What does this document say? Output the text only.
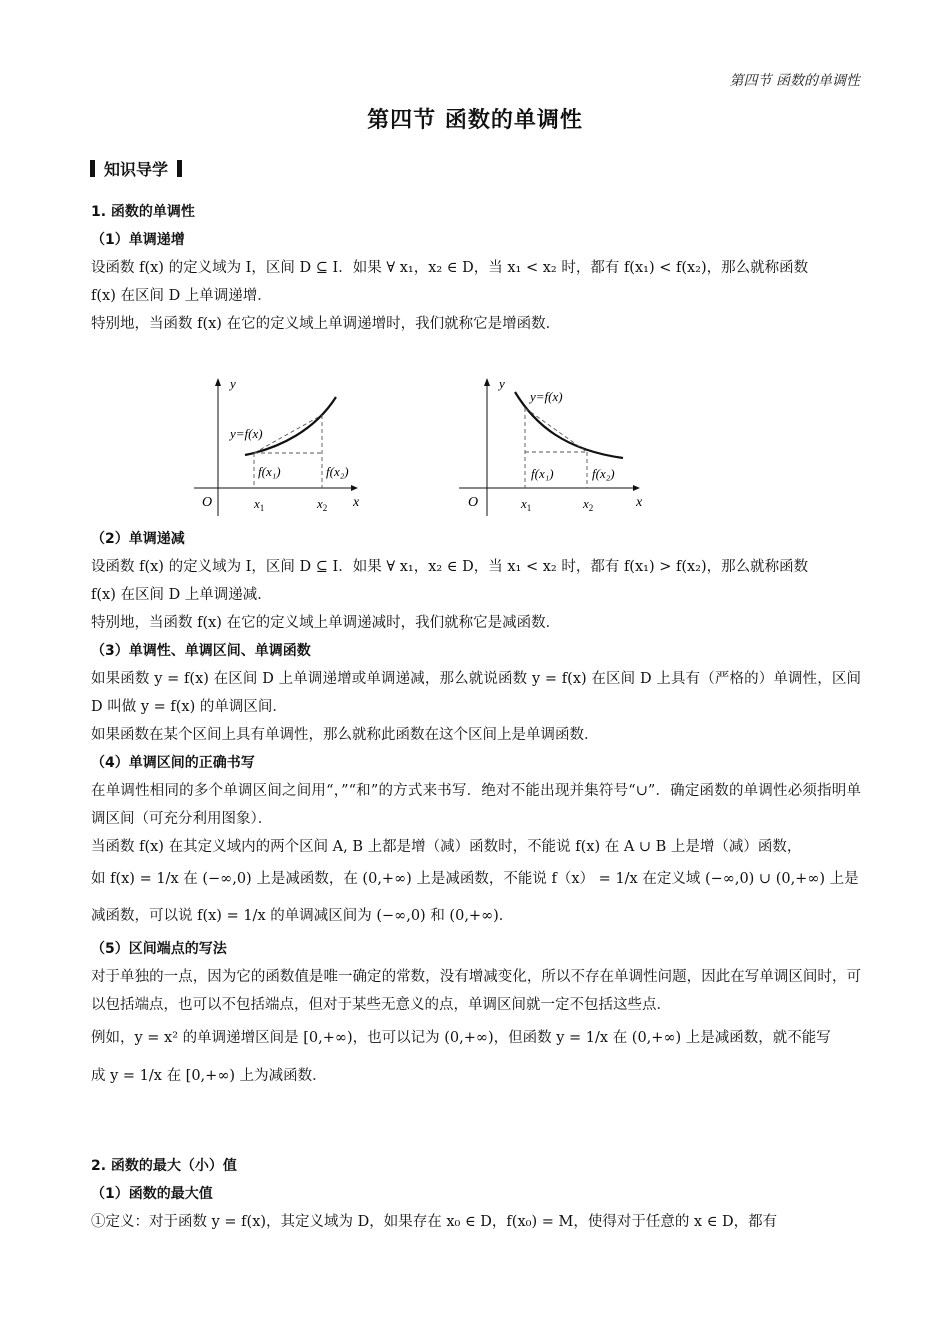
第四节 函数的单调性
第四节 函数的单调性
知识导学
1. 函数的单调性
（1）单调递增
设函数 f(x) 的定义域为 I，区间 D ⊆ I．如果 ∀ x₁，x₂ ∈ D，当 x₁ < x₂ 时，都有 f(x₁) < f(x₂)，那么就称函数
f(x) 在区间 D 上单调递增．
特别地，当函数 f(x) 在它的定义域上单调递增时，我们就称它是增函数．
y
O	x
$x_1$	$x_2$
y=f(x)
f(x₁)	f(x₂)
y
O	x
$x_1$	$x_2$
y=f(x)
f(x₁)	f(x₂)
（2）单调递减
设函数 f(x) 的定义域为 I，区间 D ⊆ I．如果 ∀ x₁，x₂ ∈ D，当 x₁ < x₂ 时，都有 f(x₁) > f(x₂)，那么就称函数
f(x) 在区间 D 上单调递减．
特别地，当函数 f(x) 在它的定义域上单调递减时，我们就称它是减函数．
（3）单调性、单调区间、单调函数
如果函数 y = f(x) 在区间 D 上单调递增或单调递减，那么就说函数 y = f(x) 在区间 D 上具有（严格的）单调性，区间 D 叫做 y = f(x) 的单调区间．
如果函数在某个区间上具有单调性，那么就称此函数在这个区间上是单调函数．
（4）单调区间的正确书写
在单调性相同的多个单调区间之间用“，”“和”的方式来书写．绝对不能出现并集符号“∪”．确定函数的单调性必须指明单调区间（可充分利用图象）．
当函数 f(x) 在其定义域内的两个区间 A, B 上都是增（减）函数时，不能说 f(x) 在 A ∪ B 上是增（减）函数，
如 f(x) = 1/x 在 (−∞,0) 上是减函数，在 (0,+∞) 上是减函数，不能说 f（x） = 1/x 在定义域 (−∞,0) ∪ (0,+∞) 上是
减函数，可以说 f(x) = 1/x 的单调减区间为 (−∞,0) 和 (0,+∞)．
（5）区间端点的写法
对于单独的一点，因为它的函数值是唯一确定的常数，没有增减变化，所以不存在单调性问题，因此在写单调区间时，可以包括端点，也可以不包括端点，但对于某些无意义的点，单调区间就一定不包括这些点．
例如，y = x² 的单调递增区间是 [0,+∞)，也可以记为 (0,+∞)，但函数 y = 1/x 在 (0,+∞) 上是减函数，就不能写
成 y = 1/x 在 [0,+∞) 上为减函数．
2. 函数的最大（小）值
（1）函数的最大值
①定义：对于函数 y = f(x)，其定义域为 D，如果存在 x₀ ∈ D，f(x₀) = M，使得对于任意的 x ∈ D，都有
